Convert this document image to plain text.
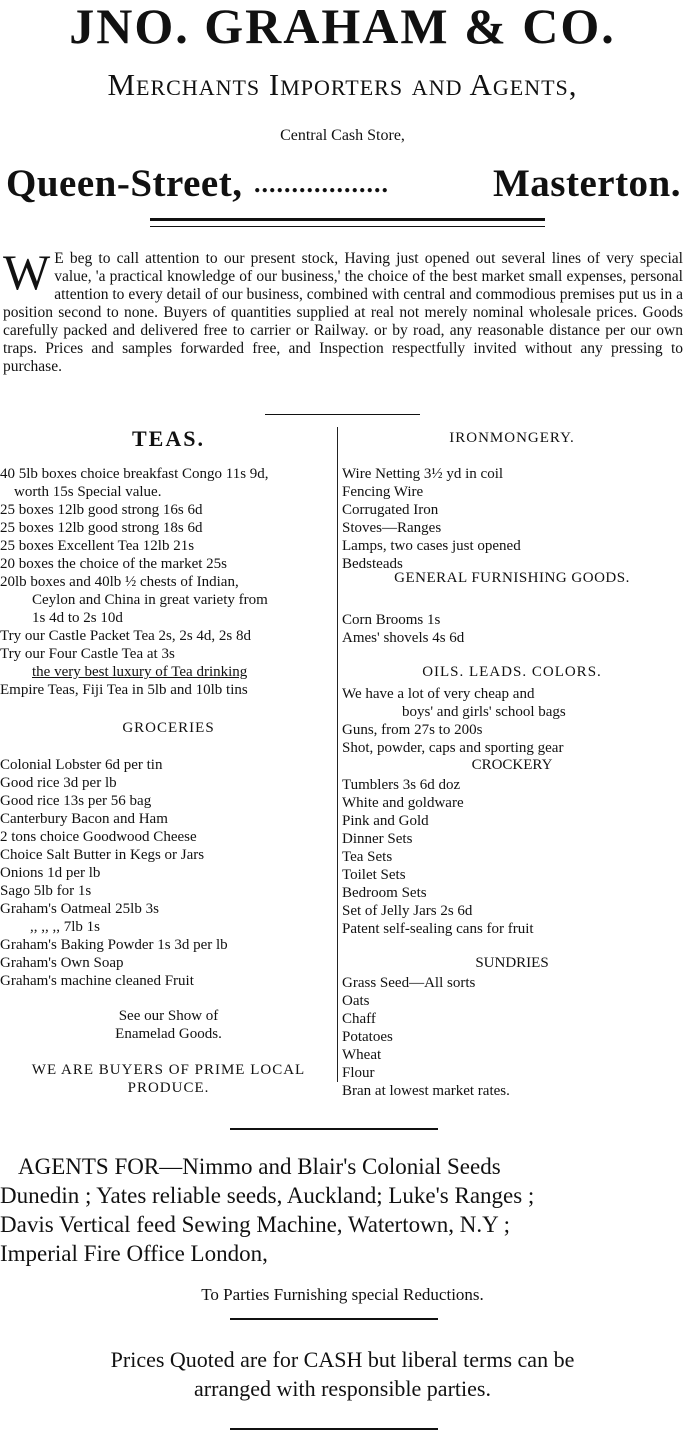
JNO. GRAHAM & CO.
Merchants Importers and Agents,
Central Cash Store,
Queen-Street, ..................	Masterton.
W E beg to call attention to our present stock, Having just opened out several lines of very special value, 'a practical knowledge of our business,' the choice of the best market small expenses, personal attention to every detail of our business, combined with central and commodious premises put us in a position second to none. Buyers of quantities supplied at real not merely nominal wholesale prices. Goods carefully packed and delivered free to carrier or Railway. or by road, any reasonable distance per our own traps. Prices and samples forwarded free, and Inspection respectfully invited without any pressing to purchase.
TEAS.
40 5lb boxes choice breakfast Congo 11s 9d,
worth 15s Special value.
25 boxes 12lb good strong 16s 6d
25 boxes 12lb good strong 18s 6d
25 boxes Excellent Tea 12lb 21s
20 boxes the choice of the market 25s
20lb boxes and 40lb ½ chests of Indian,
Ceylon and China in great variety from
1s 4d to 2s 10d
Try our Castle Packet Tea 2s, 2s 4d, 2s 8d
Try our Four Castle Tea at 3s
the very best luxury of Tea drinking
Empire Teas, Fiji Tea in 5lb and 10lb tins
GROCERIES
Colonial Lobster 6d per tin
Good rice 3d per lb
Good rice 13s per 56 bag
Canterbury Bacon and Ham
2 tons choice Goodwood Cheese
Choice Salt Butter in Kegs or Jars
Onions 1d per lb
Sago 5lb for 1s
Graham's Oatmeal 25lb 3s
,, ,, ,, 7lb 1s
Graham's Baking Powder 1s 3d per lb
Graham's Own Soap
Graham's machine cleaned Fruit
See our Show of
Enamelad Goods.
WE ARE BUYERS OF PRIME LOCAL
PRODUCE.
IRONMONGERY.
Wire Netting 3½ yd in coil
Fencing Wire
Corrugated Iron
Stoves—Ranges
Lamps, two cases just opened
Bedsteads
GENERAL FURNISHING GOODS.
Corn Brooms 1s
Ames' shovels 4s 6d
OILS. LEADS. COLORS.
We have a lot of very cheap and
boys' and girls' school bags
Guns, from 27s to 200s
Shot, powder, caps and sporting gear
CROCKERY
Tumblers 3s 6d doz
White and goldware
Pink and Gold
Dinner Sets
Tea Sets
Toilet Sets
Bedroom Sets
Set of Jelly Jars 2s 6d
Patent self-sealing cans for fruit
SUNDRIES
Grass Seed—All sorts
Oats
Chaff
Potatoes
Wheat
Flour
Bran at lowest market rates.
AGENTS FOR—Nimmo and Blair's Colonial Seeds
Dunedin ; Yates reliable seeds, Auckland; Luke's Ranges ;
Davis Vertical feed Sewing Machine, Watertown, N.Y ;
Imperial Fire Office London,
To Parties Furnishing special Reductions.
Prices Quoted are for CASH but liberal terms can be
arranged with responsible parties.
